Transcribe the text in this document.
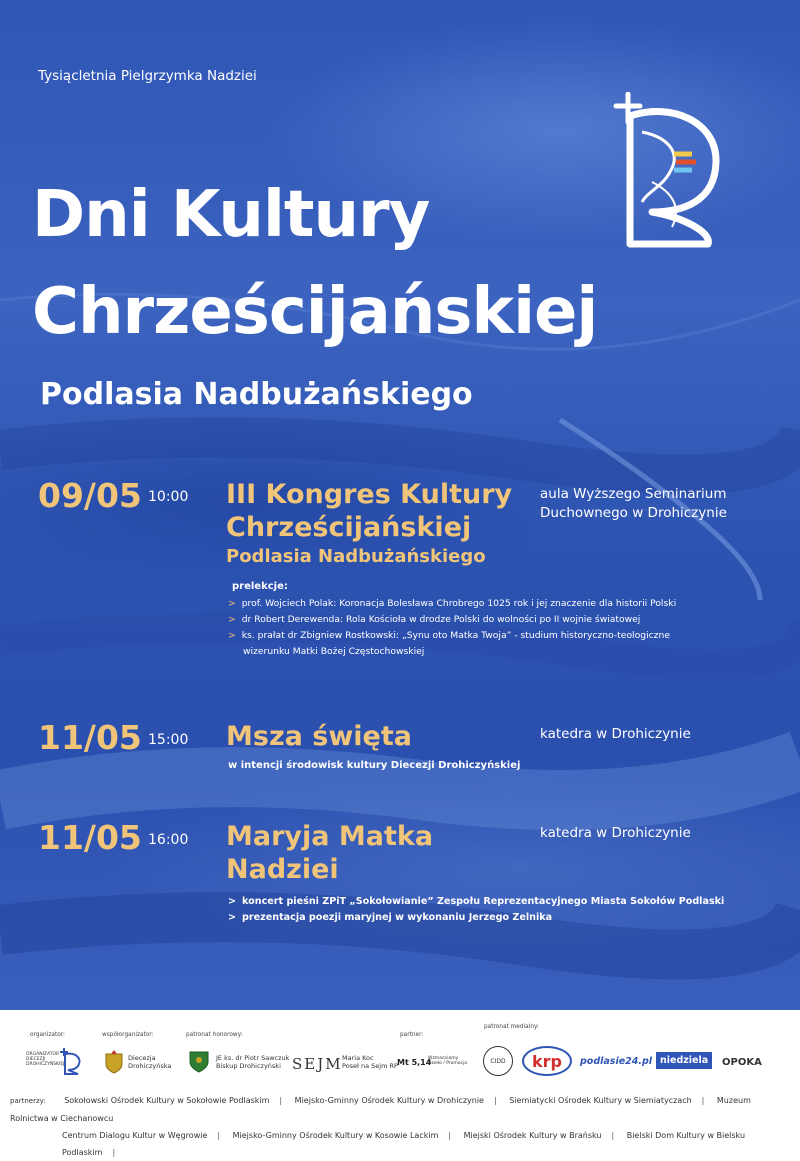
Tysiącletnia Pielgrzymka Nadziei
Dni Kultury
Chrześcijańskiej
Podlasia Nadbużańskiego
09/05 10:00 III Kongres Kultury
Chrześcijańskiej
Podlasia Nadbużańskiego
aula Wyższego Seminarium
Duchownego w Drohiczynie
prelekcje:
> prof. Wojciech Polak: Koronacja Bolesława Chrobrego 1025 rok i jej znaczenie dla historii Polski
> dr Robert Derewenda: Rola Kościoła w drodze Polski do wolności po II wojnie światowej
> ks. prałat dr Zbigniew Rostkowski: „Synu oto Matka Twoja” - studium historyczno-teologiczne
wizerunku Matki Bożej Częstochowskiej
11/05 15:00 Msza święta	katedra w Drohiczynie
w intencji środowisk kultury Diecezji Drohiczyńskiej
11/05 16:00 Maryja Matka
Nadziei
katedra w Drohiczynie
> koncert pieśni ZPiT „Sokołowianie” Zespołu Reprezentacyjnego Miasta Sokołów Podlaski
> prezentacja poezji maryjnej w wykonaniu Jerzego Zelnika
organizator:
ORGANIZATOR DIECEZJI DROHICZYŃSKIEJ
współorganizator:
Diecezja
Drohiczyńska
patronat honorowy:
JE ks. dr Piotr Sawczuk
Biskup Drohiczyński SEJM Maria Koc
Poseł na Sejm RP
partner:
Mt 5,14
Wzmacniamy Dzieło / Promocja
patronat medialny:
CIDD	krp	podlasie24.pl niedziela	OPOKA
partnerzy: Sokołowski Ośrodek Kultury w Sokołowie Podlaskim | Miejsko-Gminny Ośrodek Kultury w Drohiczynie | Siemiatycki Ośrodek Kultury w Siemiatyczach | Muzeum Rolnictwa w Ciechanowcu
Centrum Dialogu Kultur w Węgrowie | Miejsko-Gminny Ośrodek Kultury w Kosowie Lackim | Miejski Ośrodek Kultury w Brańsku | Bielski Dom Kultury w Bielsku Podlaskim |
